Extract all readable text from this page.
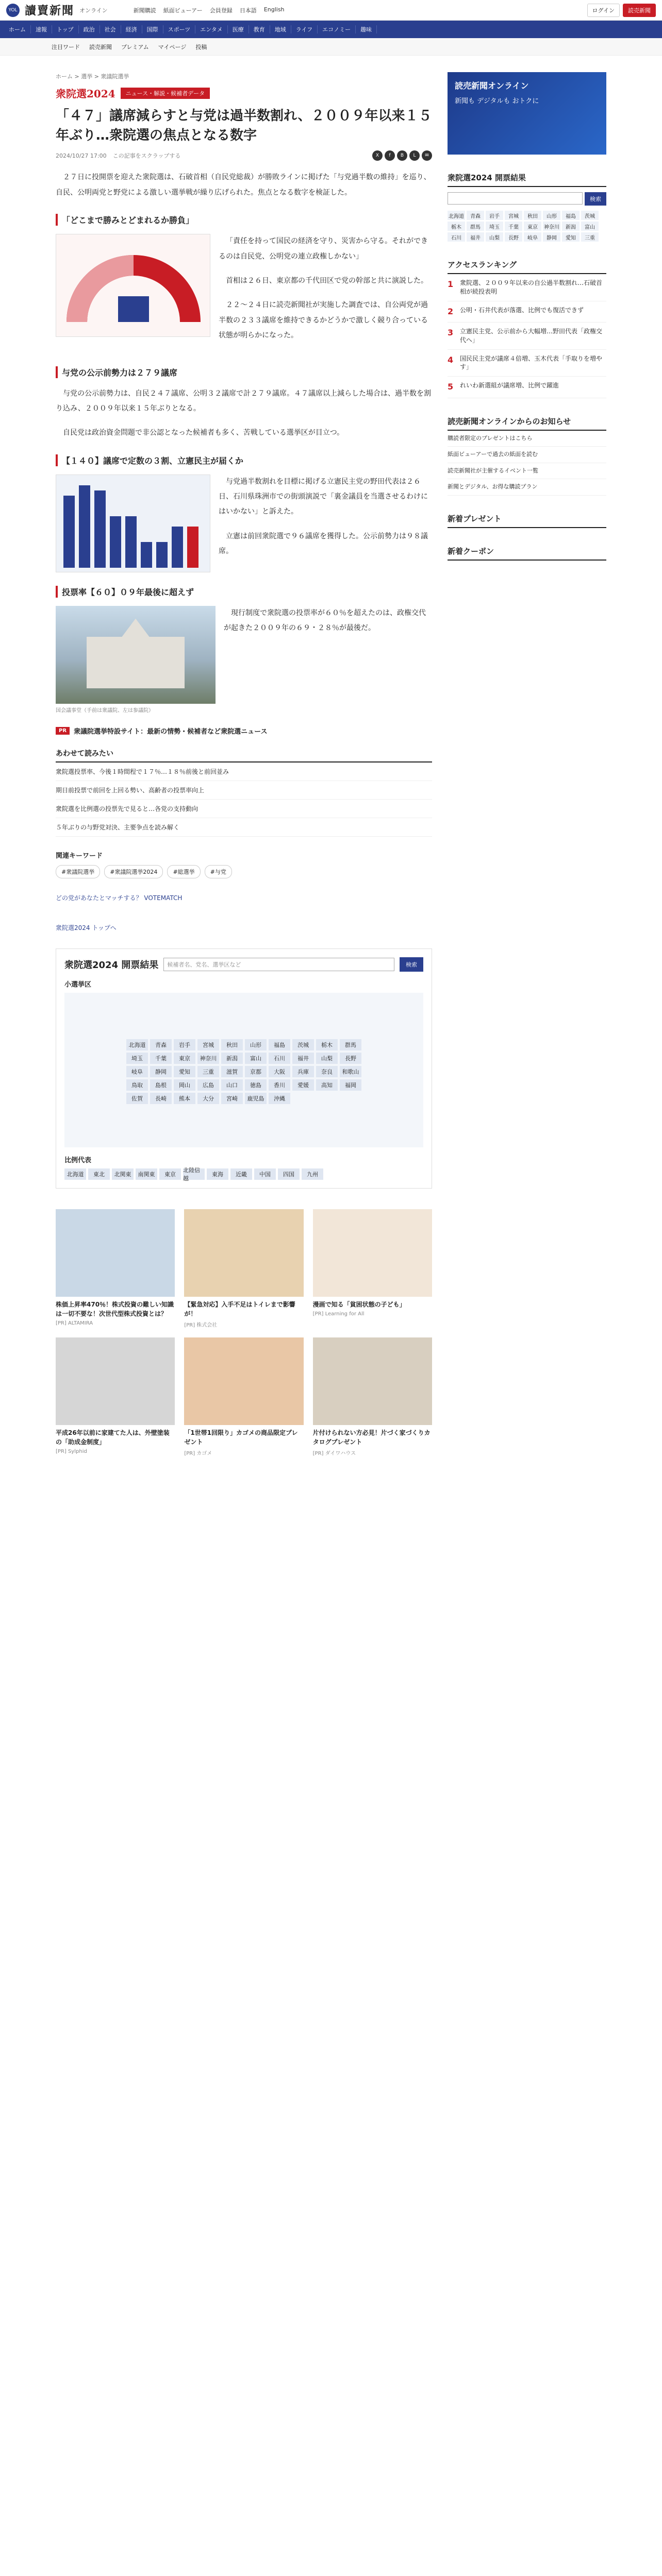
YOL 讀賣新聞 オンライン	新聞購読 紙面ビューアー 会員登録 日本語 English	ログイン	読売新聞
ホーム	速報	トップ	政治	社会	経済	国際	スポーツ	エンタメ	医療	教育	地域	ライフ	エコノミー	趣味
注目ワード 読売新聞 プレミアム マイページ 投稿
ホーム > 選挙 > 衆議院選挙
衆院選2024	ニュース・解説・候補者データ
「４７」議席減らすと与党は過半数割れ、２００９年以来１５年ぶり…衆院選の焦点となる数字
2024/10/27 17:00 この記事をスクラップする	X	f	B	L	✉

２７日に投開票を迎えた衆院選は、石破首相（自民党総裁）が勝敗ラインに掲げた「与党過半数の維持」を巡り、自民、公明両党と野党による激しい選挙戦が繰り広げられた。焦点となる数字を検証した。

「どこまで勝みとどまれるか勝負」

「責任を持って国民の経済を守り、災害から守る。それができるのは自民党、公明党の連立政権しかない」

首相は２６日、東京都の千代田区で党の幹部と共に演説した。

２２〜２４日に読売新聞社が実施した調査では、自公両党が過半数の２３３議席を維持できるかどうかで激しく競り合っている状態が明らかになった。

与党の公示前勢力は２７９議席

与党の公示前勢力は、自民２４７議席、公明３２議席で計２７９議席。４７議席以上減らした場合は、過半数を割り込み、２００９年以来１５年ぶりとなる。

自民党は政治資金問題で非公認となった候補者も多く、苦戦している選挙区が目立つ。

【１４０】議席で定数の３割、立憲民主が届くか

与党過半数割れを目標に掲げる立憲民主党の野田代表は２６日、石川県珠洲市での街頭演説で「裏金議員を当選させるわけにはいかない」と訴えた。

立憲は前回衆院選で９６議席を獲得した。公示前勢力は９８議席。

投票率【６０】０９年最後に超えず
国会議事堂（手前は衆議院、左は参議院）

現行制度で衆院選の投票率が６０％を超えたのは、政権交代が起きた２００９年の６９・２８％が最後だ。

PR	衆議院選挙特設サイト：最新の情勢・候補者など衆院選ニュース
あわせて読みたい
衆院選投票率、今後１時間程で１７％…１８％前後と前回並み
期日前投票で前回を上回る勢い、高齢者の投票率向上
衆院選を比例選の投票先で見ると…各党の支持動向
５年ぶりの与野党対決、主要争点を読み解く
関連キーワード
#衆議院選挙	#衆議院選挙2024	#総選挙	#与党
どの党があなたとマッチする？ VOTEMATCH
衆院選2024 トップへ
衆院選2024 開票結果	候補者名、党名、選挙区など	検索
小選挙区
北海道	青森	岩手	宮城	秋田	山形	福島	茨城	栃木	群馬
埼玉	千葉	東京	神奈川	新潟	富山	石川	福井	山梨	長野
岐阜	静岡	愛知	三重	滋賀	京都	大阪	兵庫	奈良	和歌山
鳥取	島根	岡山	広島	山口	徳島	香川	愛媛	高知	福岡
佐賀	長崎	熊本	大分	宮崎	鹿児島	沖縄
比例代表
北海道	東北	北関東	南関東	東京
北陸信越
東海	近畿	中国	四国	九州
株価上昇率470％！株式投資の難しい知識は一切不要な！次世代型株式投資とは？
[PR] ALTAMIRA
【緊急対応】入手不足はトイレまで影響が！
[PR] 株式会社
漫画で知る「貧困状態の子ども」
[PR] Learning for All
平成26年以前に家建てた人は、外壁塗装の「助成金制度」
[PR] Sylphid
「1世帯1回限り」カゴメの商品限定プレゼント
[PR] カゴメ
片付けられない方必見！片づく家づくりカタログプレゼント
[PR] ダイワハウス
読売新聞オンライン
新聞も デジタルも おトクに
衆院選2024 開票結果
検索
北海道	青森	岩手	宮城	秋田	山形	福島	茨城
栃木	群馬	埼玉	千葉	東京	神奈川	新潟	富山
石川	福井	山梨	長野	岐阜	静岡	愛知	三重
アクセスランキング
1	衆院選、２００９年以来の自公過半数割れ…石破首相が続投表明
2	公明・石井代表が落選、比例でも復活できず
3	立憲民主党、公示前から大幅増…野田代表「政権交代へ」
4	国民民主党が議席４倍増、玉木代表「手取りを増やす」
5	れいわ新選組が議席増、比例で躍進
読売新聞オンラインからのお知らせ
購読者限定のプレゼントはこちら
紙面ビューアーで過去の紙面を読む
読売新聞社が主催するイベント一覧
新聞とデジタル、お得な購読プラン
新着プレゼント
新着クーポン
